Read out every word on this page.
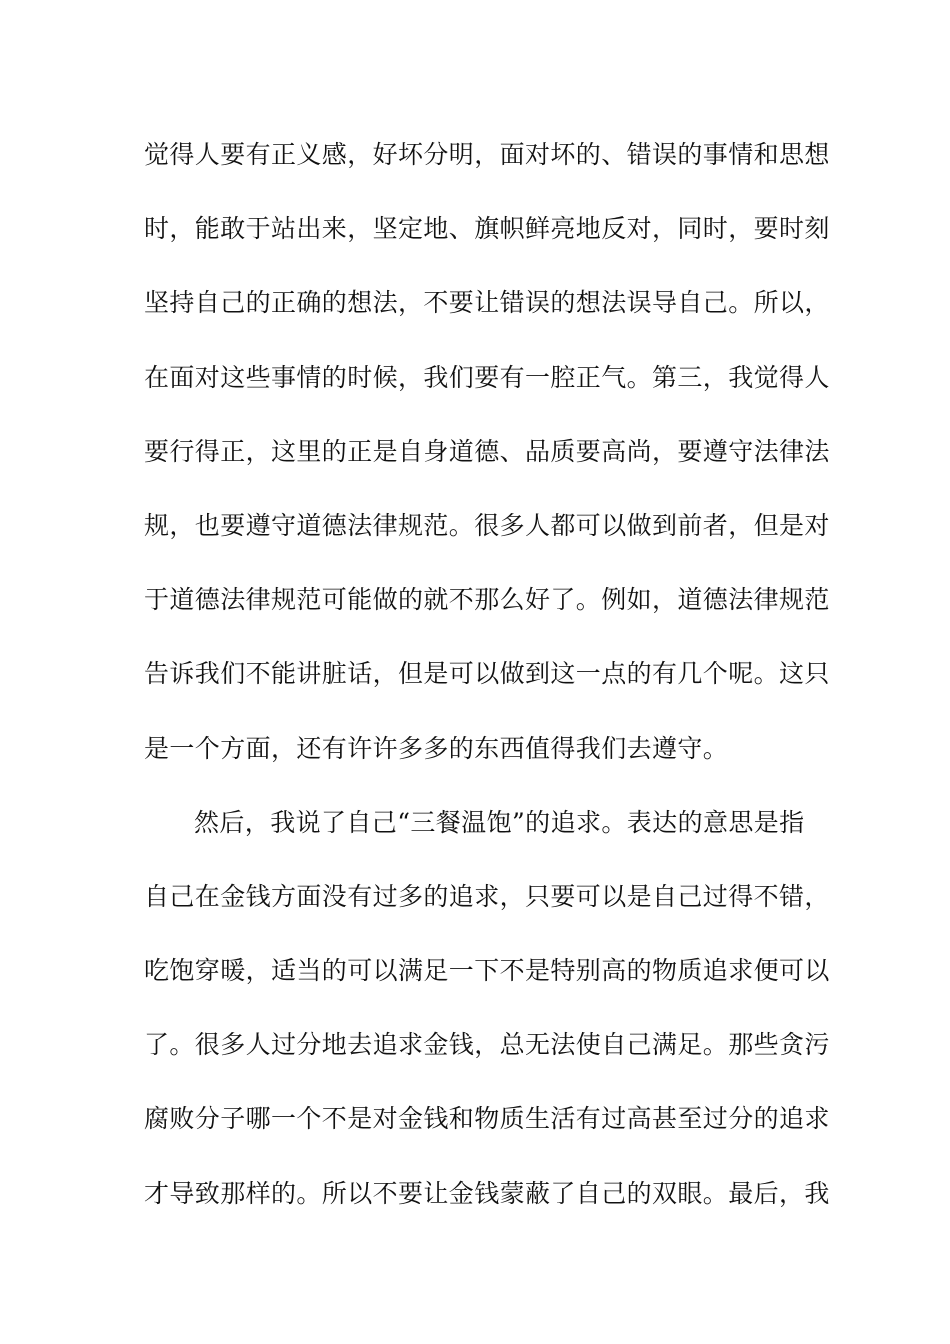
觉得人要有正义感，好坏分明，面对坏的、错误的事情和思想
时，能敢于站出来，坚定地、旗帜鲜亮地反对，同时，要时刻
坚持自己的正确的想法，不要让错误的想法误导自己。所以，
在面对这些事情的时候，我们要有一腔正气。第三，我觉得人
要行得正，这里的正是自身道德、品质要高尚，要遵守法律法
规，也要遵守道德法律规范。很多人都可以做到前者，但是对
于道德法律规范可能做的就不那么好了。例如，道德法律规范
告诉我们不能讲脏话，但是可以做到这一点的有几个呢。这只
是一个方面，还有许许多多的东西值得我们去遵守。
然后，我说了自己“三餐温饱”的追求。表达的意思是指
自己在金钱方面没有过多的追求，只要可以是自己过得不错，
吃饱穿暖，适当的可以满足一下不是特别高的物质追求便可以
了。很多人过分地去追求金钱，总无法使自己满足。那些贪污
腐败分子哪一个不是对金钱和物质生活有过高甚至过分的追求
才导致那样的。所以不要让金钱蒙蔽了自己的双眼。最后，我
